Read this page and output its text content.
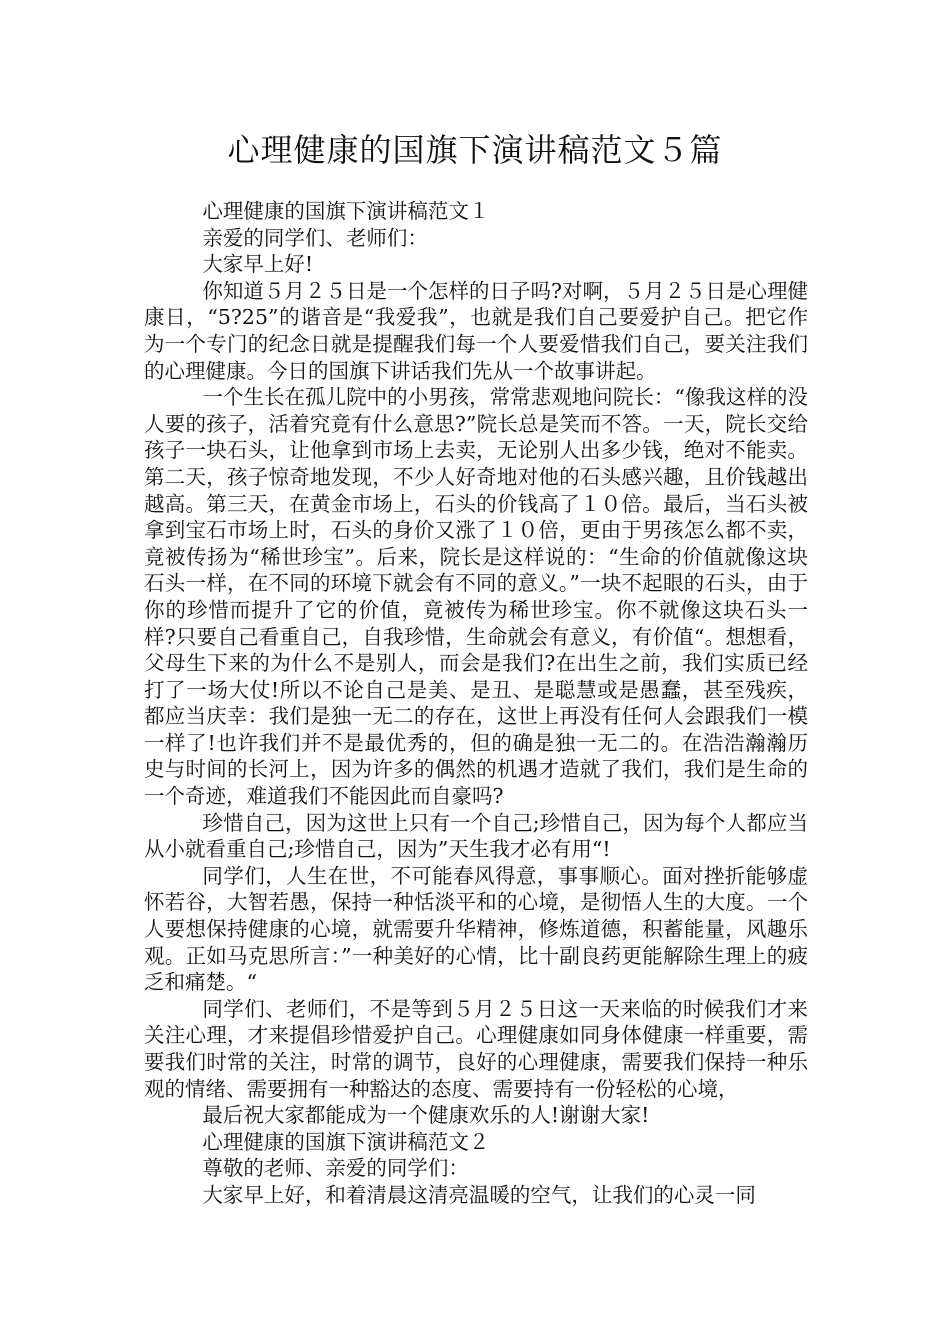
心理健康的国旗下演讲稿范文５篇

心理健康的国旗下演讲稿范文１

亲爱的同学们、老师们：

大家早上好!

你知道５月２５日是一个怎样的日子吗?对啊，５月２５日是心理健康日，“5?25”的谐音是“我爱我”，也就是我们自己要爱护自己。把它作为一个专门的纪念日就是提醒我们每一个人要爱惜我们自己，要关注我们的心理健康。今日的国旗下讲话我们先从一个故事讲起。

一个生长在孤儿院中的小男孩，常常悲观地问院长：“像我这样的没人要的孩子，活着究竟有什么意思?”院长总是笑而不答。一天，院长交给孩子一块石头，让他拿到市场上去卖，无论别人出多少钱，绝对不能卖。第二天，孩子惊奇地发现，不少人好奇地对他的石头感兴趣，且价钱越出越高。第三天，在黄金市场上，石头的价钱高了１０倍。最后，当石头被拿到宝石市场上时，石头的身价又涨了１０倍，更由于男孩怎么都不卖，竟被传扬为“稀世珍宝”。后来，院长是这样说的：“生命的价值就像这块石头一样，在不同的环境下就会有不同的意义。”一块不起眼的石头，由于你的珍惜而提升了它的价值，竟被传为稀世珍宝。你不就像这块石头一样?只要自己看重自己，自我珍惜，生命就会有意义，有价值“。想想看，父母生下来的为什么不是别人，而会是我们?在出生之前，我们实质已经打了一场大仗!所以不论自己是美、是丑、是聪慧或是愚蠢，甚至残疾，都应当庆幸：我们是独一无二的存在，这世上再没有任何人会跟我们一模一样了!也许我们并不是最优秀的，但的确是独一无二的。在浩浩瀚瀚历史与时间的长河上，因为许多的偶然的机遇才造就了我们，我们是生命的一个奇迹，难道我们不能因此而自豪吗?

珍惜自己，因为这世上只有一个自己;珍惜自己，因为每个人都应当从小就看重自己;珍惜自己，因为”天生我才必有用“!

同学们，人生在世，不可能春风得意，事事顺心。面对挫折能够虚怀若谷，大智若愚，保持一种恬淡平和的心境，是彻悟人生的大度。一个人要想保持健康的心境，就需要升华精神，修炼道德，积蓄能量，风趣乐观。正如马克思所言：”一种美好的心情，比十副良药更能解除生理上的疲乏和痛楚。“

同学们、老师们，不是等到５月２５日这一天来临的时候我们才来关注心理，才来提倡珍惜爱护自己。心理健康如同身体健康一样重要，需要我们时常的关注，时常的调节，良好的心理健康，需要我们保持一种乐观的情绪、需要拥有一种豁达的态度、需要持有一份轻松的心境，

最后祝大家都能成为一个健康欢乐的人!谢谢大家!

心理健康的国旗下演讲稿范文２

尊敬的老师、亲爱的同学们：

大家早上好，和着清晨这清亮温暖的空气，让我们的心灵一同
